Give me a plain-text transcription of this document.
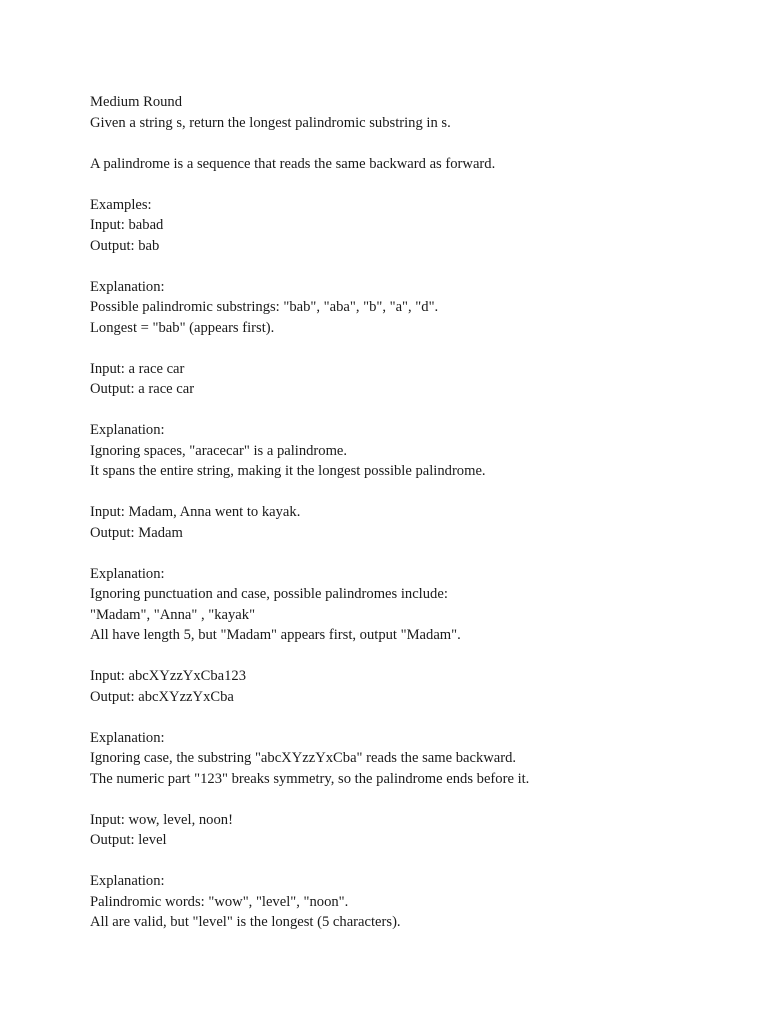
Medium Round
Given a string s, return the longest palindromic substring in s.
A palindrome is a sequence that reads the same backward as forward.
Examples:
Input: babad
Output: bab
Explanation:
Possible palindromic substrings: "bab", "aba", "b", "a", "d".
Longest = "bab" (appears first).
Input: a race car
Output: a race car
Explanation:
Ignoring spaces, "aracecar" is a palindrome.
It spans the entire string, making it the longest possible palindrome.
Input: Madam, Anna went to kayak.
Output: Madam
Explanation:
Ignoring punctuation and case, possible palindromes include:
"Madam", "Anna" , "kayak"
All have length 5, but "Madam" appears first, output "Madam".
Input: abcXYzzYxCba123
Output: abcXYzzYxCba
Explanation:
Ignoring case, the substring "abcXYzzYxCba" reads the same backward.
The numeric part "123" breaks symmetry, so the palindrome ends before it.
Input: wow, level, noon!
Output: level
Explanation:
Palindromic words: "wow", "level", "noon".
All are valid, but "level" is the longest (5 characters).
